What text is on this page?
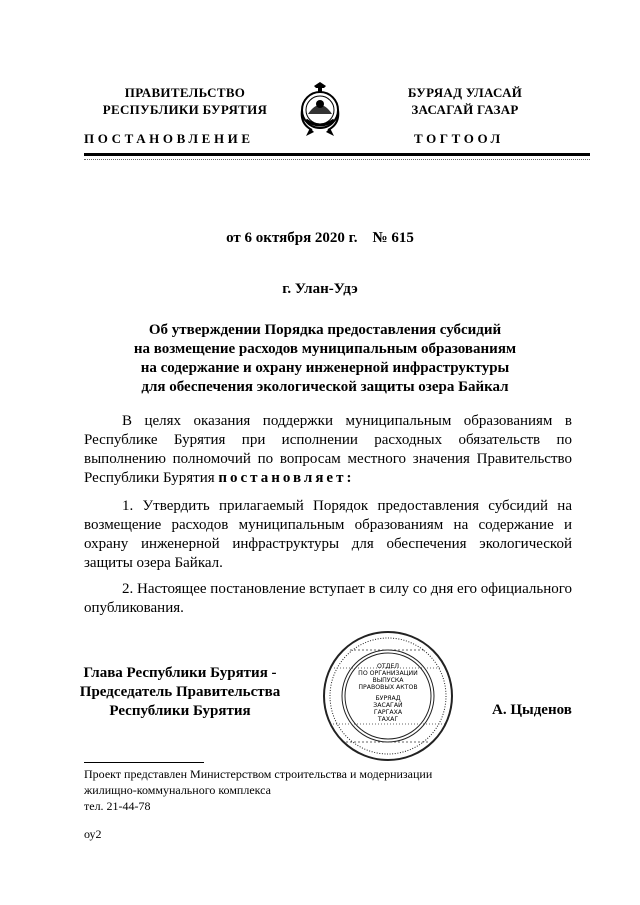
ПРАВИТЕЛЬСТВО
РЕСПУБЛИКИ БУРЯТИЯ
БУРЯАД УЛАСАЙ
ЗАСАГАЙ ГАЗАР
ПОСТАНОВЛЕНИЕ	ТОГТООЛ
от 6 октября 2020 г.    № 615
г. Улан-Удэ
Об утверждении Порядка предоставления субсидий
на возмещение расходов муниципальным образованиям
на содержание и охрану инженерной инфраструктуры
для обеспечения экологической защиты озера Байкал

В целях оказания поддержки муниципальным образованиям в Республике Бурятия при исполнении расходных обязательств по выполнению полномочий по вопросам местного значения Правительство Республики Бурятия постановляет:

1. Утвердить прилагаемый Порядок предоставления субсидий на возмещение расходов муниципальным образованиям на содержание и охрану инженерной инфраструктуры для обеспечения экологической защиты озера Байкал.

2. Настоящее постановление вступает в силу со дня его официального опубликования.

Глава Республики Бурятия -
Председатель Правительства
Республики Бурятия
ОТДЕЛ
ПО ОРГАНИЗАЦИИ
ВЫПУСКА
ПРАВОВЫХ АКТОВ
БУРЯАД
ЗАСАГАЙ
ГАРГАХА
ТАХАГ
А. Цыденов
Проект представлен Министерством строительства и модернизации
жилищно-коммунального комплекса
тел. 21-44-78
оу2
